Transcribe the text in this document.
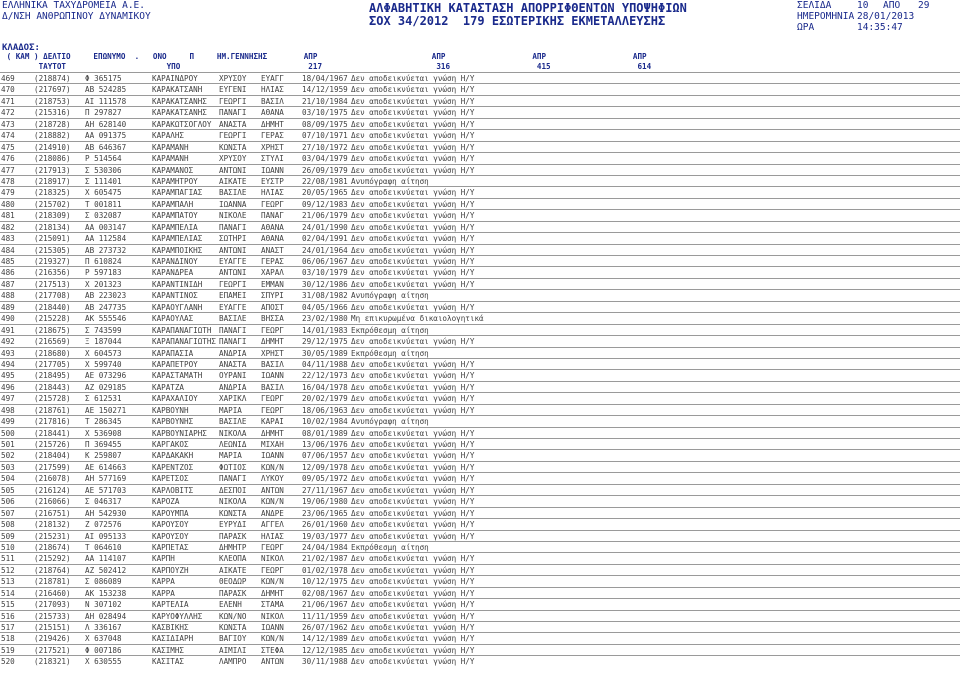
ΕΛΛΗΝΙΚΑ ΤΑΧΥΔΡΟΜΕΙΑ Α.Ε.
Δ/ΝΣΗ ΑΝΘΡΩΠΙΝΟΥ ΔΥΝΑΜΙΚΟΥ
ΑΛΦΑΒΗΤΙΚΗ ΚΑΤΑΣΤΑΣΗ ΑΠΟΡΡΙΦΘΕΝΤΩΝ ΥΠΟΨΗΦΙΩΝ
ΣΟΧ 34/2012  179 ΕΣΩΤΕΡΙΚΗΣ ΕΚΜΕΤΑΛΛΕΥΣΗΣ
ΣΕΛΙΔΑ	10 ΑΠΟ 29
ΗΜΕΡΟΜΗΝΙΑ 28/01/2013
ΩΡΑ	14:35:47
ΚΛΑΔΟΣ:
( ΚΑΜ ) ΔΕΛΤΙΟ     ΕΠΩΝΥΜΟ  .   ΟΝΟ     Π     ΗΜ.ΓΕΝΝΗΣΗΣ        ΑΠΡ                         ΑΠΡ                   ΑΠΡ                   ΑΠΡ
ΤΑΥΤΟΤ                      ΥΠΟ                            217                         316                   415                   614
469	(218874) Φ 365175	ΚΑΡΑΙΝΔΡΟΥ	ΧΡΥΣΟΥ ΕΥΑΓΓ 18/04/1967 Δεν αποδεικνύεται γνώση Η/Υ
470	(217697) ΑΒ 524285	ΚΑΡΑΚΑΤΣΑΝΗ ΕΥΓΕΝΙ ΗΛΙΑΣ 14/12/1959 Δεν αποδεικνύεται γνώση Η/Υ
471	(218753) ΑΙ 111578	ΚΑΡΑΚΑΤΣΑΝΗΣ ΓΕΩΡΓΙ ΒΑΣΙΛ 21/10/1984 Δεν αποδεικνύεται γνώση Η/Υ
472	(215316) Π 297827	ΚΑΡΑΚΑΤΣΑΝΗΣ ΠΑΝΑΓΙ ΑΘΑΝΑ 03/10/1975 Δεν αποδεικνύεται γνώση Η/Υ
473	(218728) ΑΗ 628140	ΚΑΡΑΚΩΤΣΟΓΛΟΥ ΑΝΑΣΤΑ ΔΗΜΗΤ 08/09/1975 Δεν αποδεικνύεται γνώση Η/Υ
474	(218882) ΑΑ 091375	ΚΑΡΑΛΗΣ	ΓΕΩΡΓΙ ΓΕΡΑΣ 07/10/1971 Δεν αποδεικνύεται γνώση Η/Υ
475	(214910) ΑΒ 646367	ΚΑΡΑΜΑΝΗ	ΚΩΝΣΤΑ ΧΡΗΣΤ 27/10/1972 Δεν αποδεικνύεται γνώση Η/Υ
476	(218086) Ρ 514564	ΚΑΡΑΜΑΝΗ	ΧΡΥΣΟΥ ΣΤΥΛΙ 03/04/1979 Δεν αποδεικνύεται γνώση Η/Υ
477	(217913) Σ 530306	ΚΑΡΑΜΑΝΟΣ	ΑΝΤΩΝΙ ΙΩΑΝΝ 26/09/1979 Δεν αποδεικνύεται γνώση Η/Υ
478	(218917) Σ 111401	ΚΑΡΑΜΗΤΡΟΥ	ΑΙΚΑΤΕ ΕΥΣΤΡ 22/08/1981 Ανυπόγραφη αίτηση
479	(218325) Χ 605475	ΚΑΡΑΜΠΑΓΙΑΣ ΒΑΣΙΛΕ ΗΛΙΑΣ 20/05/1965 Δεν αποδεικνύεται γνώση Η/Υ
480	(215702) Τ 001811	ΚΑΡΑΜΠΑΛΗ	ΙΩΑΝΝΑ ΓΕΩΡΓ 09/12/1983 Δεν αποδεικνύεται γνώση Η/Υ
481	(218309) Σ 032087	ΚΑΡΑΜΠΑΤΟΥ	ΝΙΚΟΛΕ ΠΑΝΑΓ 21/06/1979 Δεν αποδεικνύεται γνώση Η/Υ
482	(218134) ΑΑ 003147	ΚΑΡΑΜΠΕΛΙΑ	ΠΑΝΑΓΙ ΑΘΑΝΑ 24/01/1990 Δεν αποδεικνύεται γνώση Η/Υ
483	(215091) ΑΑ 112584	ΚΑΡΑΜΠΕΛΙΑΣ ΣΩΤΗΡΙ ΑΘΑΝΑ 02/04/1991 Δεν αποδεικνύεται γνώση Η/Υ
484	(215305) ΑΒ 273732	ΚΑΡΑΜΠΟΙΚΗΣ ΑΝΤΩΝΙ ΑΝΑΣΤ 24/01/1964 Δεν αποδεικνύεται γνώση Η/Υ
485	(219327) Π 610824	ΚΑΡΑΝΔΙΝΟΥ	ΕΥΑΓΓΕ ΓΕΡΑΣ 06/06/1967 Δεν αποδεικνύεται γνώση Η/Υ
486	(216356) Ρ 597183	ΚΑΡΑΝΔΡΕΑ	ΑΝΤΩΝΙ ΧΑΡΑΛ 03/10/1979 Δεν αποδεικνύεται γνώση Η/Υ
487	(217513) Χ 201323	ΚΑΡΑΝΤΙΝΙΔΗ ΓΕΩΡΓΙ ΕΜΜΑΝ 30/12/1986 Δεν αποδεικνύεται γνώση Η/Υ
488	(217708) ΑΒ 223023	ΚΑΡΑΝΤΙΝΟΣ	ΕΠΑΜΕΙ ΣΠΥΡΙ 31/08/1982 Ανυπόγραφη αίτηση
489	(218440) ΑΒ 247735	ΚΑΡΑΟΥΓΛΑΝΗ ΕΥΑΓΓΕ ΑΠΟΣΤ 04/05/1966 Δεν αποδεικνύεται γνώση Η/Υ
490	(215228) ΑΚ 555546	ΚΑΡΑΟΥΛΑΣ	ΒΑΣΙΛΕ ΒΗΣΣΑ 23/02/1980 Μη επικυρωμένα δικαιολογητικά
491	(218675) Σ 743599	ΚΑΡΑΠΑΝΑΓΙΩΤΗ ΠΑΝΑΓΙ ΓΕΩΡΓ 14/01/1983 Εκπρόθεσμη αίτηση
492	(216569) Ξ 187044	ΚΑΡΑΠΑΝΑΓΙΩΤΗΣ ΠΑΝΑΓΙ ΔΗΜΗΤ 29/12/1975 Δεν αποδεικνύεται γνώση Η/Υ
493	(218680) Χ 604573	ΚΑΡΑΠΑΣΙΑ	ΑΝΔΡΙΑ ΧΡΗΣΤ 30/05/1989 Εκπρόθεσμη αίτηση
494	(217705) Χ 599740	ΚΑΡΑΠΕΤΡΟΥ	ΑΝΑΣΤΑ ΒΑΣΙΛ 04/11/1988 Δεν αποδεικνύεται γνώση Η/Υ
495	(218495) ΑΕ 073296	ΚΑΡΑΣΤΑΜΑΤΗ ΟΥΡΑΝΙ ΙΩΑΝΝ 22/12/1973 Δεν αποδεικνύεται γνώση Η/Υ
496	(218443) ΑΖ 029185	ΚΑΡΑΤΖΑ	ΑΝΔΡΙΑ ΒΑΣΙΛ 16/04/1978 Δεν αποδεικνύεται γνώση Η/Υ
497	(215728) Σ 612531	ΚΑΡΑΧΑΛΙΟΥ	ΧΑΡΙΚΛ ΓΕΩΡΓ 20/02/1979 Δεν αποδεικνύεται γνώση Η/Υ
498	(218761) ΑΕ 150271	ΚΑΡΒΟΥΝΗ	ΜΑΡΙΑ	ΓΕΩΡΓ 18/06/1963 Δεν αποδεικνύεται γνώση Η/Υ
499	(217816) Τ 286345	ΚΑΡΒΟΥΝΗΣ	ΒΑΣΙΛΕ ΚΑΡΑΙ 10/02/1984 Ανυπόγραφη αίτηση
500	(218441) Χ 536908	ΚΑΡΒΟΥΝΙΑΡΗΣ ΝΙΚΟΛΑ ΔΗΜΗΤ 08/01/1989 Δεν αποδεικνύεται γνώση Η/Υ
501	(215726) Π 369455	ΚΑΡΓΑΚΟΣ	ΛΕΩΝΙΔ ΜΙΧΑΗ 13/06/1976 Δεν αποδεικνύεται γνώση Η/Υ
502	(218404) Κ 259807	ΚΑΡΔΑΚΑΚΗ	ΜΑΡΙΑ	ΙΩΑΝΝ 07/06/1957 Δεν αποδεικνύεται γνώση Η/Υ
503	(217599) ΑΕ 614663	ΚΑΡΕΝΤΖΟΣ	ΦΩΤΙΟΣ ΚΩΝ/Ν 12/09/1978 Δεν αποδεικνύεται γνώση Η/Υ
504	(216078) ΑΗ 577169	ΚΑΡΕΤΣΟΣ	ΠΑΝΑΓΙ ΛΥΚΟΥ 09/05/1972 Δεν αποδεικνύεται γνώση Η/Υ
505	(216124) ΑΕ 571703	ΚΑΡΛΟΒΙΤΣ	ΔΕΣΠΟΙ ΑΝΤΩΝ 27/11/1967 Δεν αποδεικνύεται γνώση Η/Υ
506	(216066) Σ 046317	ΚΑΡΟΖΑ	ΝΙΚΟΛΑ ΚΩΝ/Ν 19/06/1980 Δεν αποδεικνύεται γνώση Η/Υ
507	(216751) ΑΗ 542930	ΚΑΡΟΥΜΠΑ	ΚΩΝΣΤΑ ΑΝΔΡΕ 23/06/1965 Δεν αποδεικνύεται γνώση Η/Υ
508	(218132) Ζ 072576	ΚΑΡΟΥΣΟΥ	ΕΥΡΥΔΙ ΑΓΓΕΛ 26/01/1960 Δεν αποδεικνύεται γνώση Η/Υ
509	(215231) ΑΙ 095133	ΚΑΡΟΥΣΟΥ	ΠΑΡΑΣΚ ΗΛΙΑΣ 19/03/1977 Δεν αποδεικνύεται γνώση Η/Υ
510	(218674) Τ 064610	ΚΑΡΠΕΤΑΣ	ΔΗΜΗΤΡ ΓΕΩΡΓ 24/04/1984 Εκπρόθεσμη αίτηση
511	(215292) ΑΑ 114107	ΚΑΡΠΗ	ΚΛΕΟΠΑ ΝΙΚΟΛ 21/02/1987 Δεν αποδεικνύεται γνώση Η/Υ
512	(218764) ΑΖ 502412	ΚΑΡΠΟΥΖΗ	ΑΙΚΑΤΕ ΓΕΩΡΓ 01/02/1978 Δεν αποδεικνύεται γνώση Η/Υ
513	(218781) Σ 086089	ΚΑΡΡΑ	ΘΕΟΔΩΡ ΚΩΝ/Ν 10/12/1975 Δεν αποδεικνύεται γνώση Η/Υ
514	(216460) ΑΚ 153238	ΚΑΡΡΑ	ΠΑΡΑΣΚ ΔΗΜΗΤ 02/08/1967 Δεν αποδεικνύεται γνώση Η/Υ
515	(217093) Ν 307102	ΚΑΡΤΕΛΙΑ	ΕΛΕΝΗ	ΣΤΑΜΑ 21/06/1967 Δεν αποδεικνύεται γνώση Η/Υ
516	(215733) ΑΗ 028494	ΚΑΡΥΟΦΥΛΛΗΣ ΚΩΝ/ΝΟ ΝΙΚΟΛ 11/11/1959 Δεν αποδεικνύεται γνώση Η/Υ
517	(215151) Λ 336167	ΚΑΣΒΙΚΗΣ	ΚΩΝΣΤΑ ΙΩΑΝΝ 26/07/1962 Δεν αποδεικνύεται γνώση Η/Υ
518	(219426) Χ 637048	ΚΑΣΙΔΙΑΡΗ	ΒΑΓΙΟΥ ΚΩΝ/Ν 14/12/1989 Δεν αποδεικνύεται γνώση Η/Υ
519	(217521) Φ 007186	ΚΑΣΙΜΗΣ	ΑΙΜΙΛΙ ΣΤΕΦΑ 12/12/1985 Δεν αποδεικνύεται γνώση Η/Υ
520	(218321) Χ 630555	ΚΑΣΙΤΑΣ	ΛΑΜΠΡΟ ΑΝΤΩΝ 30/11/1988 Δεν αποδεικνύεται γνώση Η/Υ
